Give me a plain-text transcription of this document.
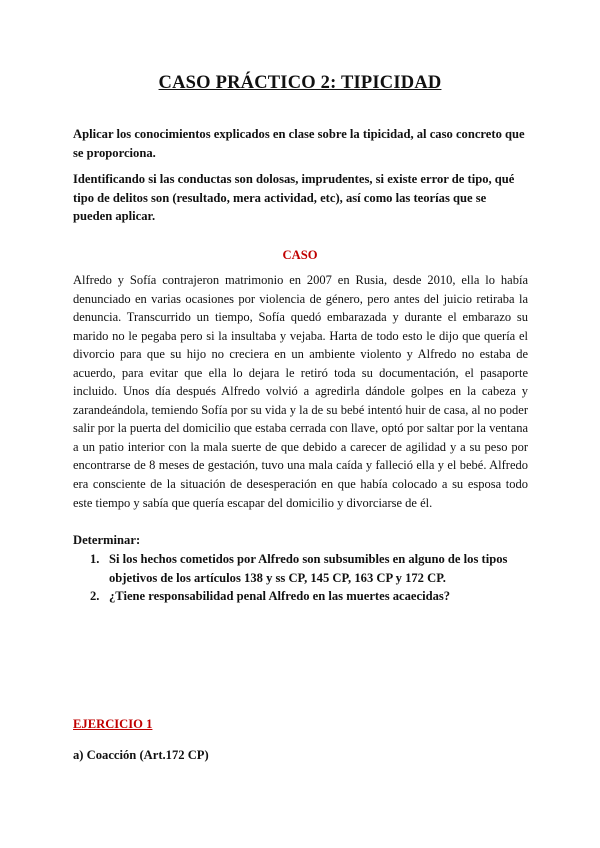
CASO PRÁCTICO 2: TIPICIDAD
Aplicar los conocimientos explicados en clase sobre la tipicidad, al caso concreto que se proporciona.
Identificando si las conductas son dolosas, imprudentes, si existe error de tipo, qué tipo de delitos son (resultado, mera actividad, etc), así como las teorías que se pueden aplicar.
CASO
Alfredo y Sofía contrajeron matrimonio en 2007 en Rusia, desde 2010, ella lo había denunciado en varias ocasiones por violencia de género, pero antes del juicio retiraba la denuncia. Transcurrido un tiempo, Sofía quedó embarazada y durante el embarazo su marido no le pegaba pero si la insultaba y vejaba. Harta de todo esto le dijo que quería el divorcio para que su hijo no creciera en un ambiente violento y Alfredo no estaba de acuerdo, para evitar que ella lo dejara le retiró toda su documentación, el pasaporte incluido. Unos día después Alfredo volvió a agredirla dándole golpes en la cabeza y zarandeándola, temiendo Sofía por su vida y la de su bebé intentó huir de casa, al no poder salir por la puerta del domicilio que estaba cerrada con llave, optó por saltar por la ventana a un patio interior con la mala suerte de que debido a carecer de agilidad y a su peso por encontrarse de 8 meses de gestación, tuvo una mala caída y falleció ella y el bebé. Alfredo era consciente de la situación de desesperación en que había colocado a su esposa todo este tiempo y sabía que quería escapar del domicilio y divorciarse de él.
Determinar:
1. Si los hechos cometidos por Alfredo son subsumibles en alguno de los tipos objetivos de los artículos 138 y ss CP, 145 CP, 163 CP y 172 CP.
2. ¿Tiene responsabilidad penal Alfredo en las muertes acaecidas?
EJERCICIO 1
a) Coacción (Art.172 CP)
